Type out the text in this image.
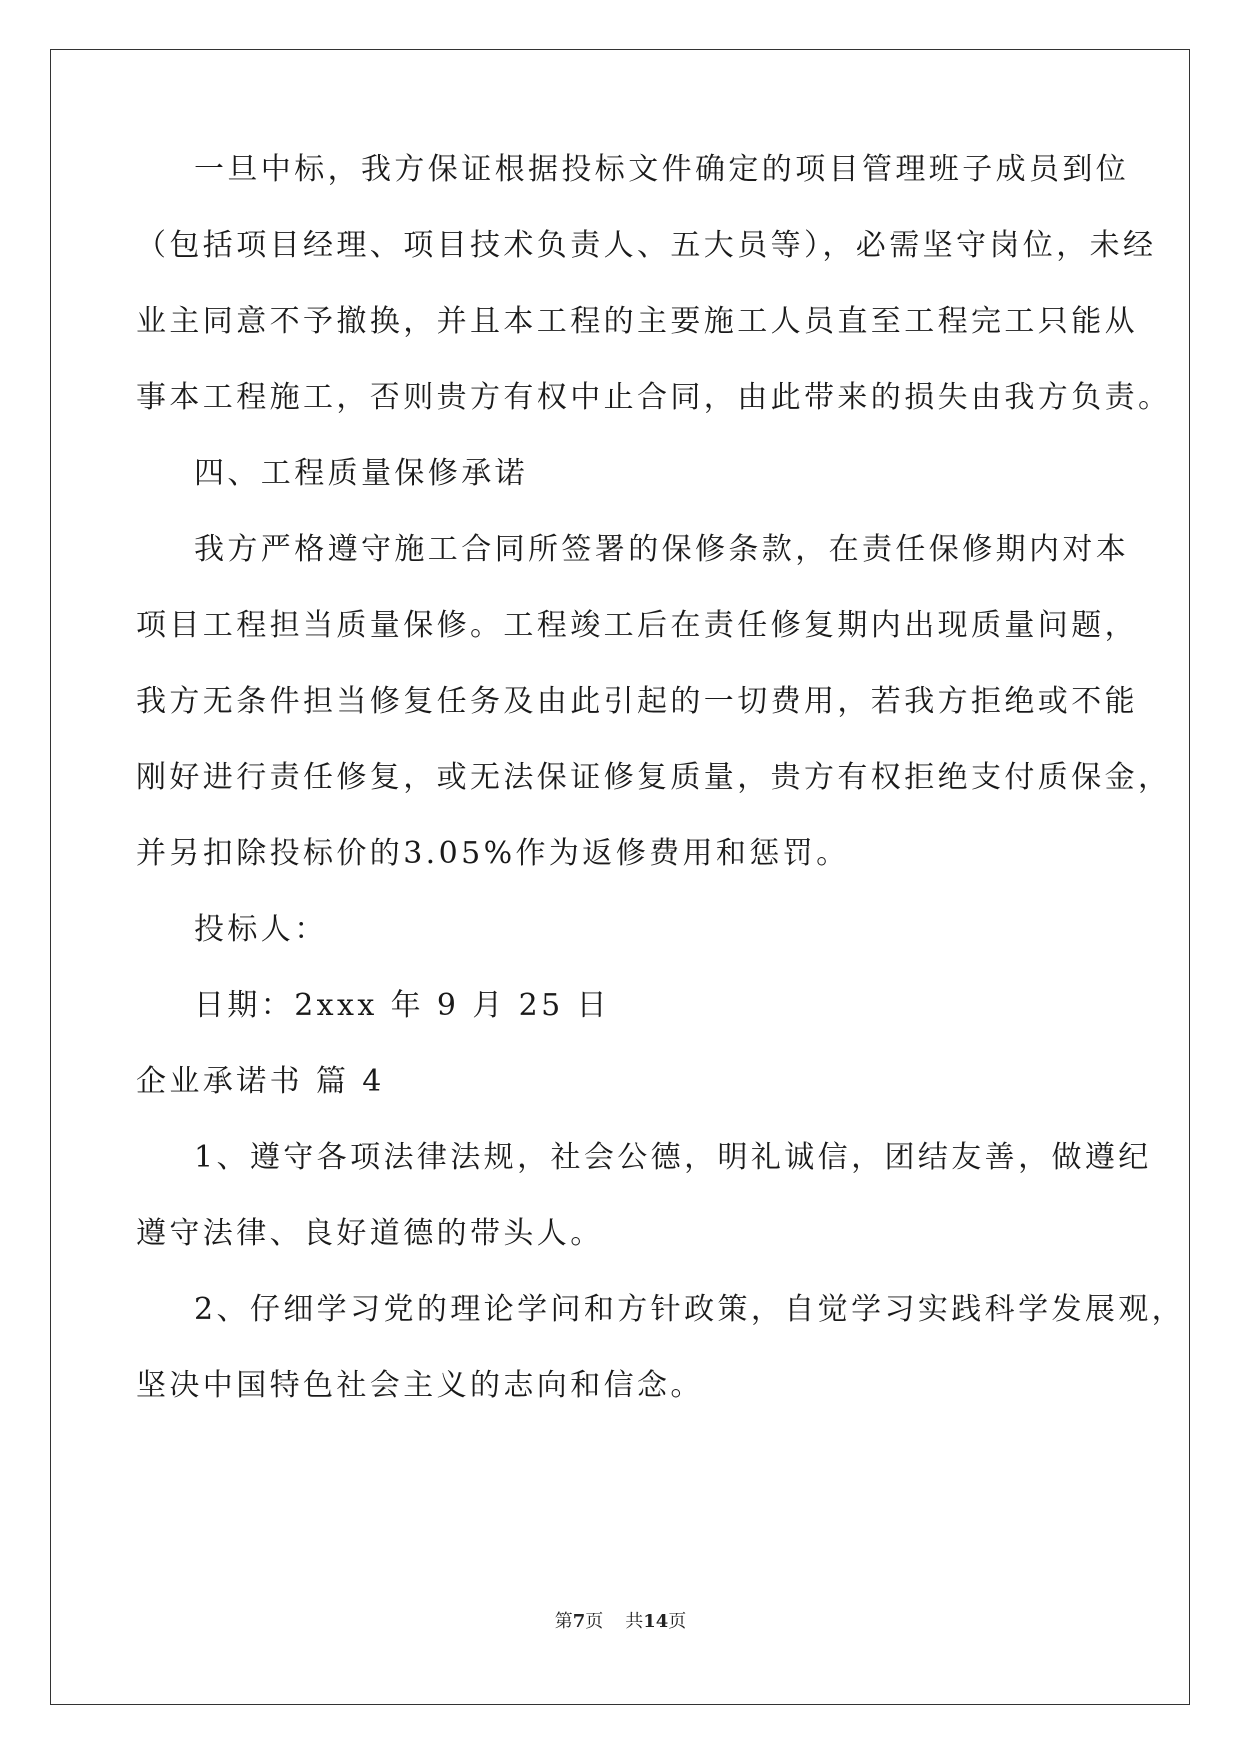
一旦中标，我方保证根据投标文件确定的项目管理班子成员到位
（包括项目经理、项目技术负责人、五大员等），必需坚守岗位，未经
业主同意不予撤换，并且本工程的主要施工人员直至工程完工只能从
事本工程施工，否则贵方有权中止合同，由此带来的损失由我方负责。
四、工程质量保修承诺
我方严格遵守施工合同所签署的保修条款，在责任保修期内对本
项目工程担当质量保修。工程竣工后在责任修复期内出现质量问题，
我方无条件担当修复任务及由此引起的一切费用，若我方拒绝或不能
刚好进行责任修复，或无法保证修复质量，贵方有权拒绝支付质保金，
并另扣除投标价的3.05%作为返修费用和惩罚。
投标人：
日期：2xxx 年 9 月 25 日
企业承诺书 篇 4
1、遵守各项法律法规，社会公德，明礼诚信，团结友善，做遵纪
遵守法律、良好道德的带头人。
2、仔细学习党的理论学问和方针政策，自觉学习实践科学发展观，
坚决中国特色社会主义的志向和信念。
第7页 共14页
